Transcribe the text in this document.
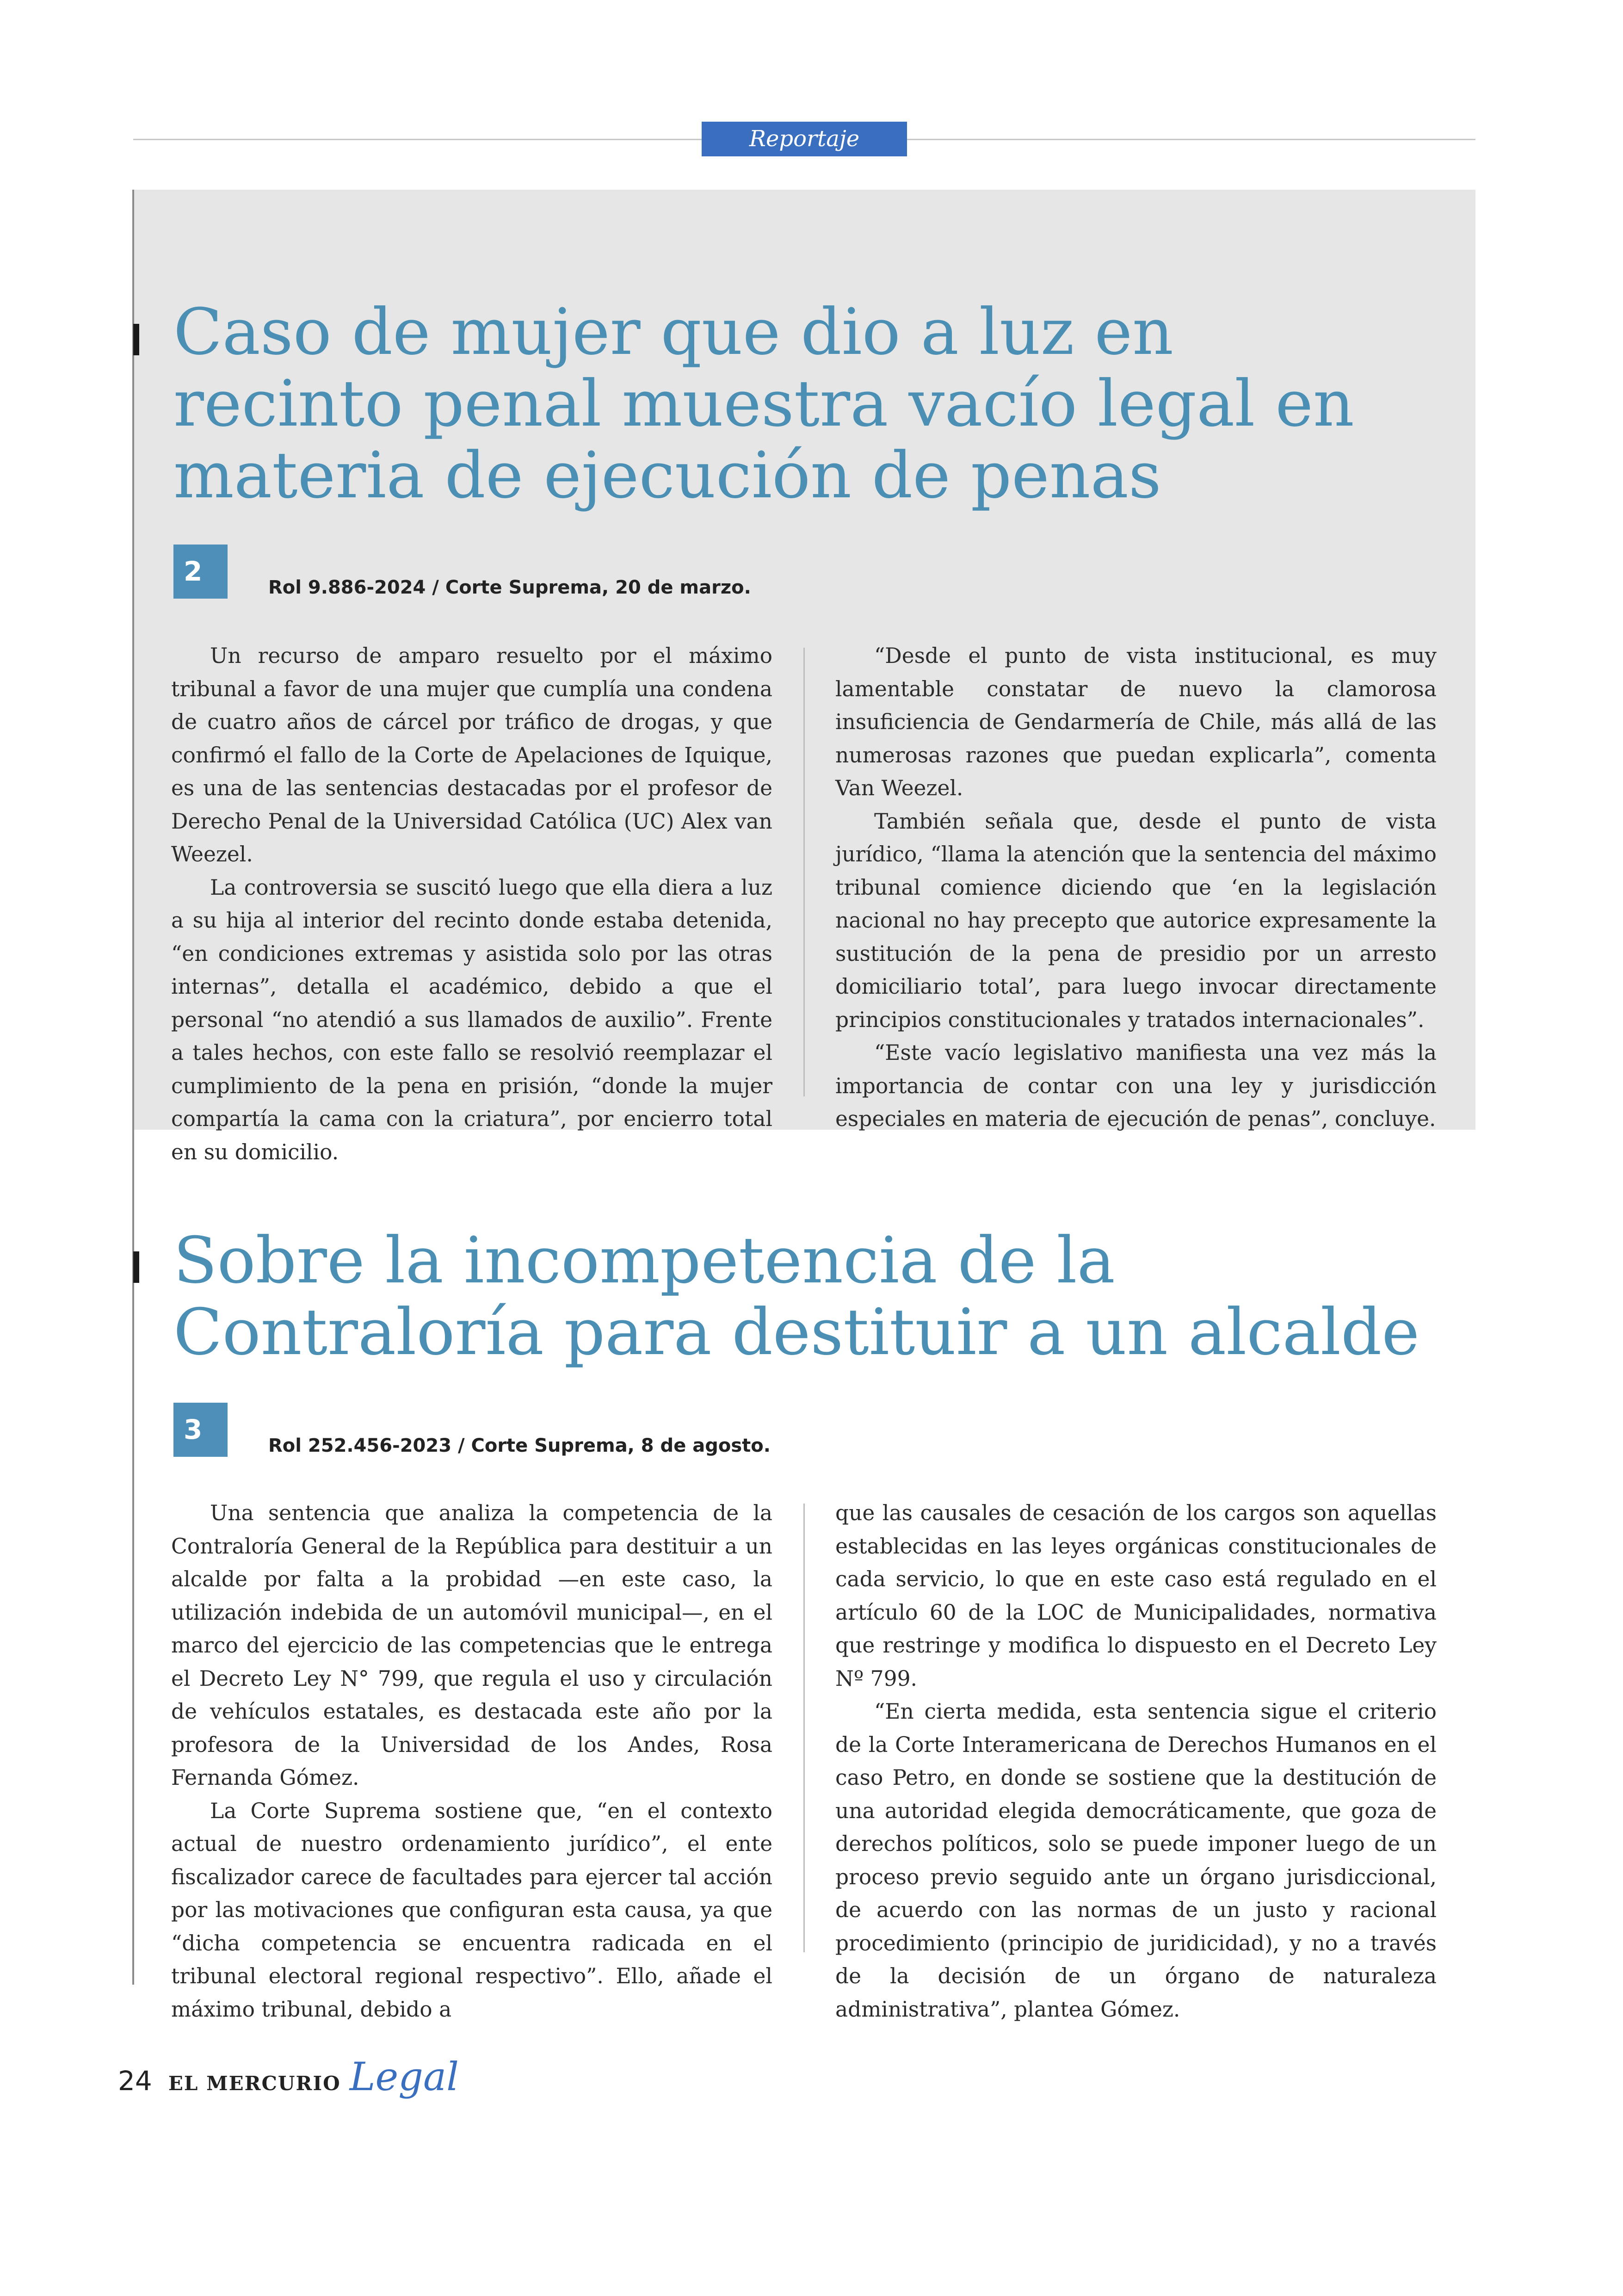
Reportaje
Caso de mujer que dio a luz en recinto penal muestra vacío legal en materia de ejecución de penas
2
Rol 9.886-2024 / Corte Suprema, 20 de marzo.

Un recurso de amparo resuelto por el máximo tribunal a favor de una mujer que cumplía una condena de cuatro años de cárcel por tráfico de drogas, y que confirmó el fallo de la Corte de Apelaciones de Iquique, es una de las sentencias destacadas por el profesor de Derecho Penal de la Universidad Católica (UC) Alex van Weezel.

La controversia se suscitó luego que ella diera a luz a su hija al interior del recinto donde estaba detenida, “en condiciones extremas y asistida solo por las otras internas”, detalla el académico, debido a que el personal “no atendió a sus llamados de auxilio”. Frente a tales hechos, con este fallo se resolvió reemplazar el cumplimiento de la pena en prisión, “donde la mujer compartía la cama con la criatura”, por encierro total en su domicilio.

“Desde el punto de vista institucional, es muy lamentable constatar de nuevo la clamorosa insuficiencia de Gendarmería de Chile, más allá de las numerosas razones que puedan explicarla”, comenta Van Weezel.

También señala que, desde el punto de vista jurídico, “llama la atención que la sentencia del máximo tribunal comience diciendo que ‘en la legislación nacional no hay precepto que autorice expresamente la sustitución de la pena de presidio por un arresto domiciliario total’, para luego invocar directamente principios constitucionales y tratados internacionales”.

“Este vacío legislativo manifiesta una vez más la importancia de contar con una ley y jurisdicción especiales en materia de ejecución de penas”, concluye.

Sobre la incompetencia de la Contraloría para destituir a un alcalde
3
Rol 252.456-2023 / Corte Suprema, 8 de agosto.

Una sentencia que analiza la competencia de la Contraloría General de la República para destituir a un alcalde por falta a la probidad —en este caso, la utilización indebida de un automóvil municipal—, en el marco del ejercicio de las competencias que le entrega el Decreto Ley N° 799, que regula el uso y circulación de vehículos estatales, es destacada este año por la profesora de la Universidad de los Andes, Rosa Fernanda Gómez.

La Corte Suprema sostiene que, “en el contexto actual de nuestro ordenamiento jurídico”, el ente fiscalizador carece de facultades para ejercer tal acción por las motivaciones que configuran esta causa, ya que “dicha competencia se encuentra radicada en el tribunal electoral regional respectivo”. Ello, añade el máximo tribunal, debido a

que las causales de cesación de los cargos son aquellas establecidas en las leyes orgánicas constitucionales de cada servicio, lo que en este caso está regulado en el artículo 60 de la LOC de Municipalidades, normativa que restringe y modifica lo dispuesto en el Decreto Ley Nº 799.

“En cierta medida, esta sentencia sigue el criterio de la Corte Interamericana de Derechos Humanos en el caso Petro, en donde se sostiene que la destitución de una autoridad elegida democráticamente, que goza de derechos políticos, solo se puede imponer luego de un proceso previo seguido ante un órgano jurisdiccional, de acuerdo con las normas de un justo y racional procedimiento (principio de juridicidad), y no a través de la decisión de un órgano de naturaleza administrativa”, plantea Gómez.

24 EL MERCURIO Legal
